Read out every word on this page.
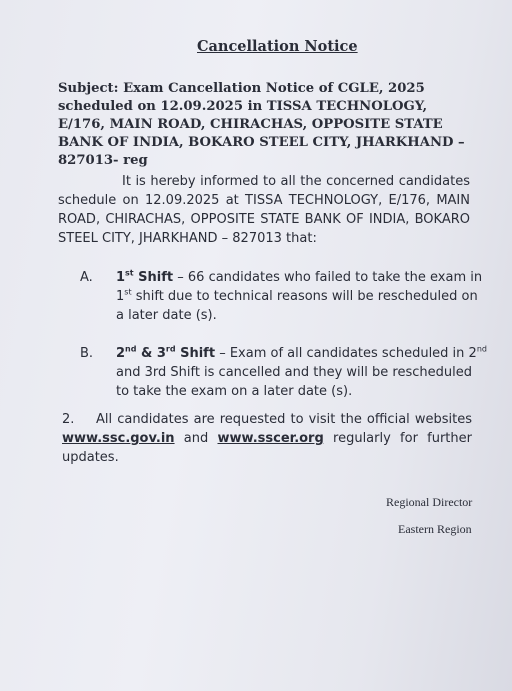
Cancellation Notice
Subject: Exam Cancellation Notice of CGLE, 2025 scheduled on 12.09.2025 in TISSA TECHNOLOGY, E/176, MAIN ROAD, CHIRACHAS, OPPOSITE STATE BANK OF INDIA, BOKARO STEEL CITY, JHARKHAND – 827013- reg
It is hereby informed to all the concerned candidates schedule on 12.09.2025 at TISSA TECHNOLOGY, E/176, MAIN ROAD, CHIRACHAS, OPPOSITE STATE BANK OF INDIA, BOKARO STEEL CITY, JHARKHAND – 827013 that:
A. 1st Shift – 66 candidates who failed to take the exam in 1st shift due to technical reasons will be rescheduled on a later date (s).
B. 2nd & 3rd Shift – Exam of all candidates scheduled in 2nd and 3rd Shift is cancelled and they will be rescheduled to take the exam on a later date (s).
2. All candidates are requested to visit the official websites www.ssc.gov.in and www.sscer.org regularly for further updates.
Regional Director
Eastern Region
